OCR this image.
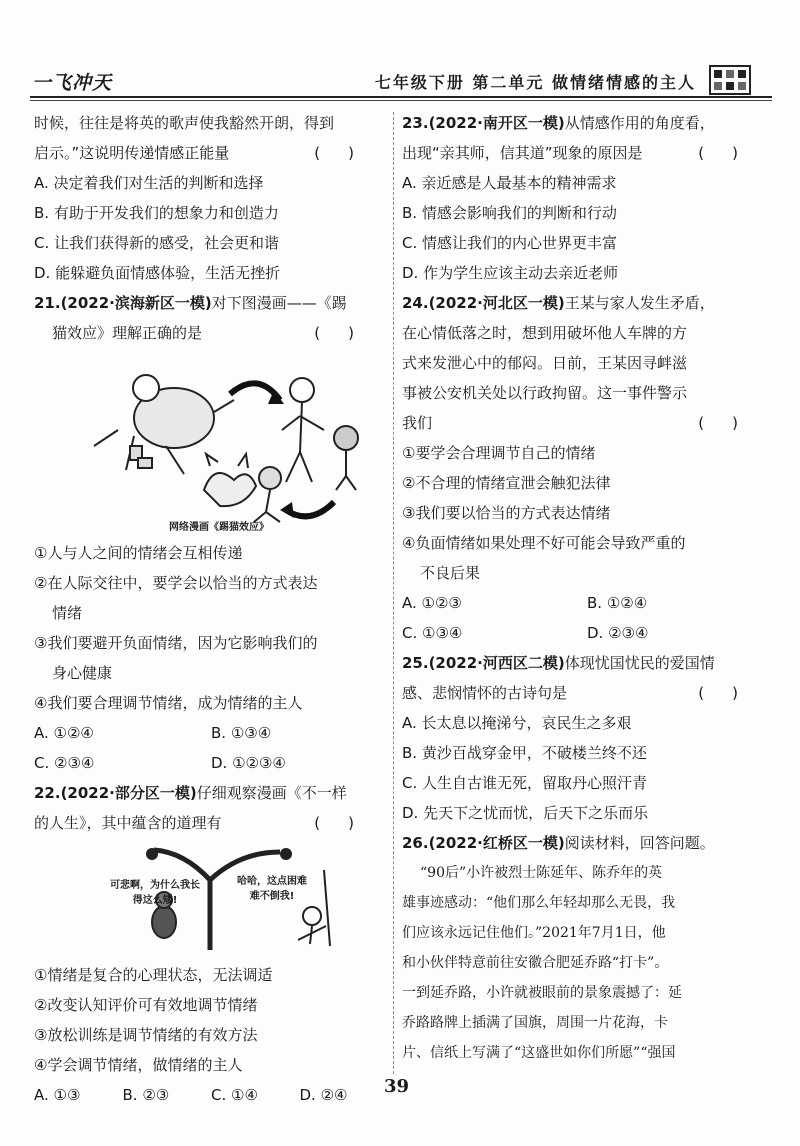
一飞冲天	七年级下册 第二单元 做情绪情感的主人
时候，往往是将英的歌声使我豁然开朗，得到
启示。”这说明传递情感正能量	()
A. 决定着我们对生活的判断和选择
B. 有助于开发我们的想象力和创造力
C. 让我们获得新的感受，社会更和谐
D. 能躲避负面情感体验，生活无挫折
21.(2022·滨海新区一模)对下图漫画——《踢
猫效应》理解正确的是	()
网络漫画《踢猫效应》
①人与人之间的情绪会互相传递
②在人际交往中，要学会以恰当的方式表达
情绪
③我们要避开负面情绪，因为它影响我们的
身心健康
④我们要合理调节情绪，成为情绪的主人
A. ①②④	B. ①③④
C. ②③④	D. ①②③④
22.(2022·部分区一模)仔细观察漫画《不一样
的人生》，其中蕴含的道理有	()
可悲啊，为什么我长得这么矮!
哈哈，这点困难难不倒我!
①情绪是复合的心理状态，无法调适
②改变认知评价可有效地调节情绪
③放松训练是调节情绪的有效方法
④学会调节情绪，做情绪的主人
A. ①③	B. ②③	C. ①④	D. ②④
23.(2022·南开区一模)从情感作用的角度看，
出现“亲其师，信其道”现象的原因是	()
A. 亲近感是人最基本的精神需求
B. 情感会影响我们的判断和行动
C. 情感让我们的内心世界更丰富
D. 作为学生应该主动去亲近老师
24.(2022·河北区一模)王某与家人发生矛盾，
在心情低落之时，想到用破坏他人车牌的方
式来发泄心中的郁闷。日前，王某因寻衅滋
事被公安机关处以行政拘留。这一事件警示
我们	()
①要学会合理调节自己的情绪
②不合理的情绪宣泄会触犯法律
③我们要以恰当的方式表达情绪
④负面情绪如果处理不好可能会导致严重的
不良后果
A. ①②③	B. ①②④
C. ①③④	D. ②③④
25.(2022·河西区二模)体现忧国忧民的爱国情
感、悲悯情怀的古诗句是	()
A. 长太息以掩涕兮，哀民生之多艰
B. 黄沙百战穿金甲，不破楼兰终不还
C. 人生自古谁无死，留取丹心照汗青
D. 先天下之忧而忧，后天下之乐而乐
26.(2022·红桥区一模)阅读材料，回答问题。
“90后”小许被烈士陈延年、陈乔年的英
雄事迹感动：“他们那么年轻却那么无畏，我
们应该永远记住他们。”2021年7月1日，他
和小伙伴特意前往安徽合肥延乔路“打卡”。
一到延乔路，小许就被眼前的景象震撼了：延
乔路路牌上插满了国旗，周围一片花海，卡
片、信纸上写满了“这盛世如你们所愿”“强国
39
